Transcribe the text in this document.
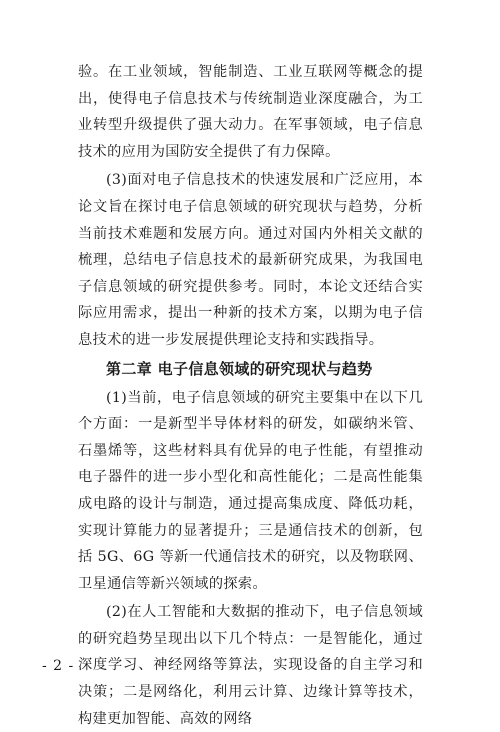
验。在工业领域，智能制造、工业互联网等概念的提出，使得电子信息技术与传统制造业深度融合，为工业转型升级提供了强大动力。在军事领域，电子信息技术的应用为国防安全提供了有力保障。

(3)面对电子信息技术的快速发展和广泛应用，本论文旨在探讨电子信息领域的研究现状与趋势，分析当前技术难题和发展方向。通过对国内外相关文献的梳理，总结电子信息技术的最新研究成果，为我国电子信息领域的研究提供参考。同时，本论文还结合实际应用需求，提出一种新的技术方案，以期为电子信息技术的进一步发展提供理论支持和实践指导。

第二章 电子信息领域的研究现状与趋势

(1)当前，电子信息领域的研究主要集中在以下几个方面：一是新型半导体材料的研发，如碳纳米管、石墨烯等，这些材料具有优异的电子性能，有望推动电子器件的进一步小型化和高性能化；二是高性能集成电路的设计与制造，通过提高集成度、降低功耗，实现计算能力的显著提升；三是通信技术的创新，包括 5G、6G 等新一代通信技术的研究，以及物联网、卫星通信等新兴领域的探索。

(2)在人工智能和大数据的推动下，电子信息领域的研究趋势呈现出以下几个特点：一是智能化，通过深度学习、神经网络等算法，实现设备的自主学习和决策；二是网络化，利用云计算、边缘计算等技术，构建更加智能、高效的网络

- 2 -
